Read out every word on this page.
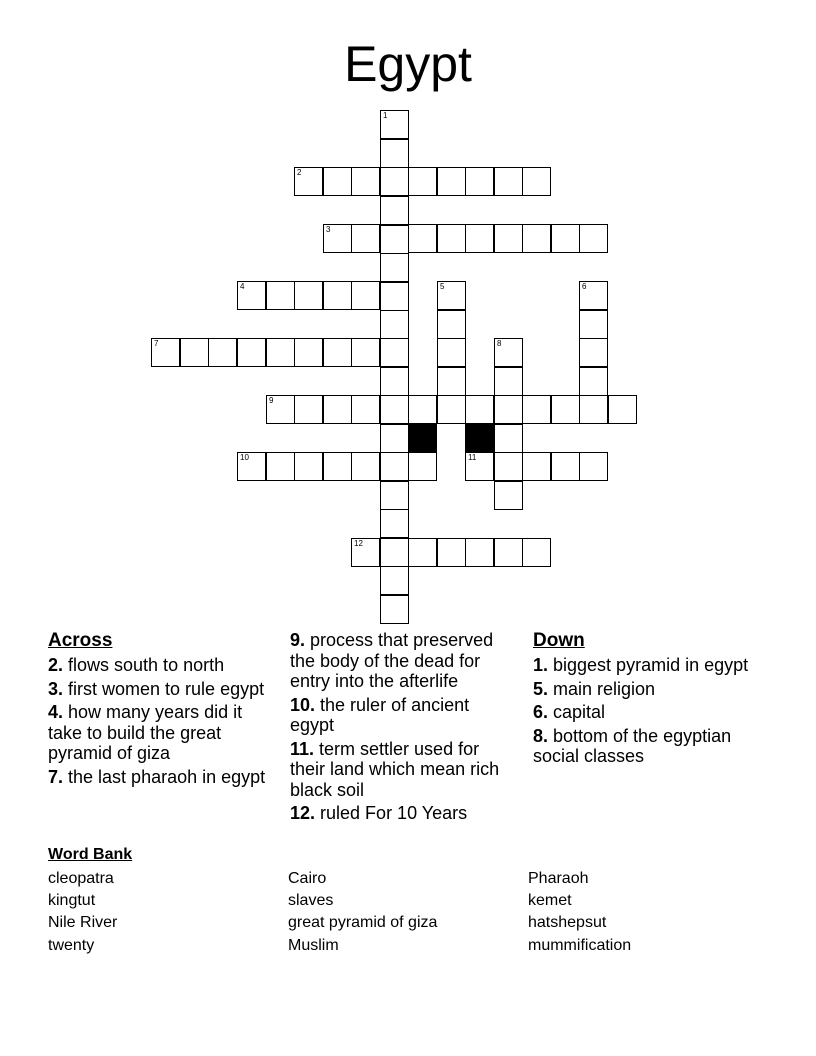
Egypt
1
2
3
4	5	6
7	8
9
10	11
12
Across
2. flows south to north
3. first women to rule egypt
4. how many years did it take to build the great pyramid of giza
7. the last pharaoh in egypt
9. process that preserved the body of the dead for entry into the afterlife
10. the ruler of ancient egypt
11. term settler used for their land which mean rich black soil
12. ruled For 10 Years
Down
1. biggest pyramid in egypt
5. main religion
6. capital
8. bottom of the egyptian social classes
Word Bank
cleopatra
kingtut
Nile River
twenty
Cairo
slaves
great pyramid of giza
Muslim
Pharaoh
kemet
hatshepsut
mummification
